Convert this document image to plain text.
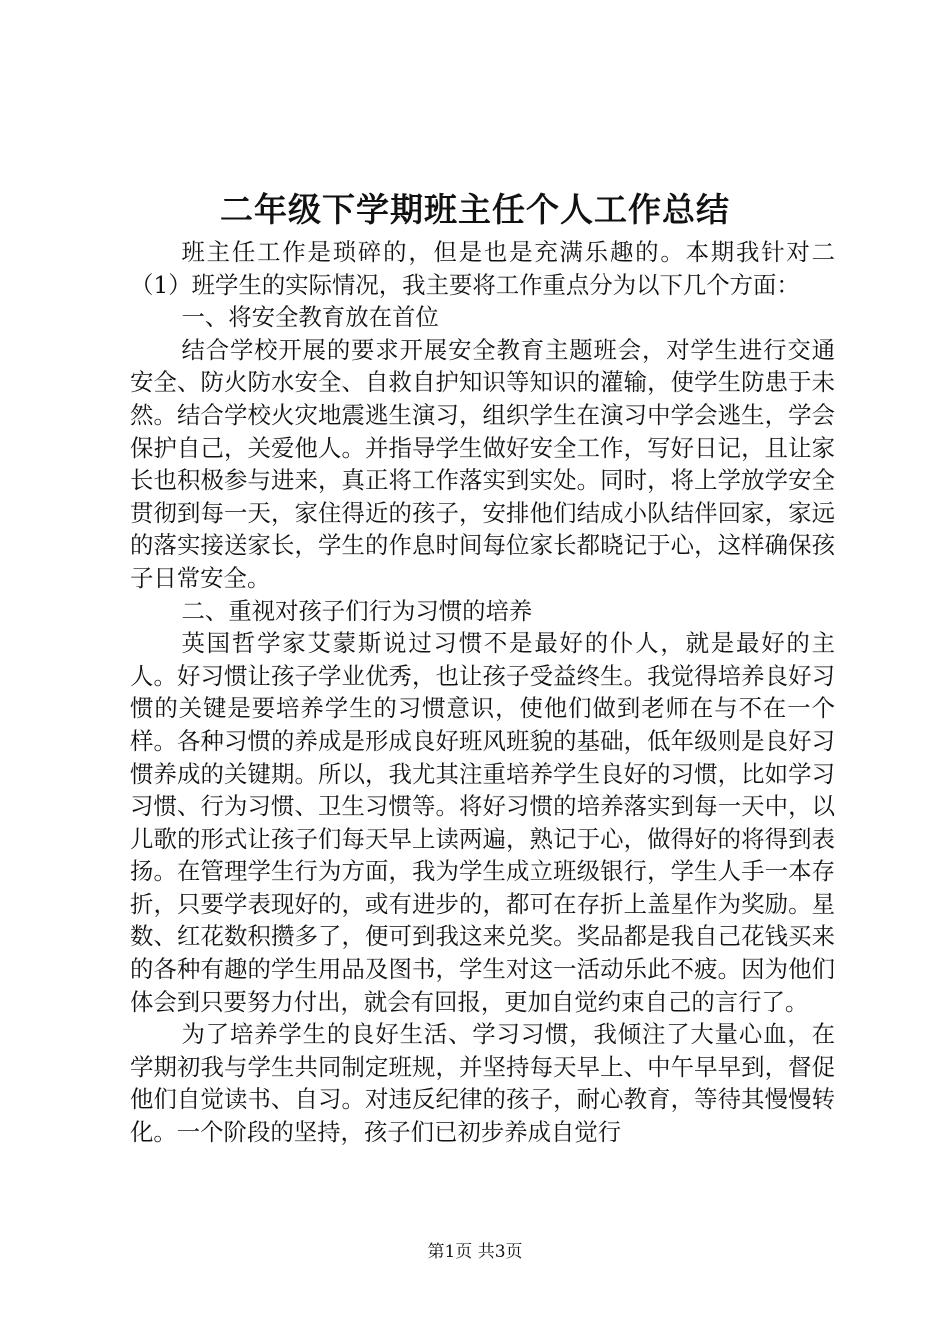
二年级下学期班主任个人工作总结

班主任工作是琐碎的，但是也是充满乐趣的。本期我针对二（1）班学生的实际情况，我主要将工作重点分为以下几个方面：

一、将安全教育放在首位

结合学校开展的要求开展安全教育主题班会，对学生进行交通安全、防火防水安全、自救自护知识等知识的灌输，使学生防患于未然。结合学校火灾地震逃生演习，组织学生在演习中学会逃生，学会保护自己，关爱他人。并指导学生做好安全工作，写好日记，且让家长也积极参与进来，真正将工作落实到实处。同时，将上学放学安全贯彻到每一天，家住得近的孩子，安排他们结成小队结伴回家，家远的落实接送家长，学生的作息时间每位家长都晓记于心，这样确保孩子日常安全。

二、重视对孩子们行为习惯的培养

英国哲学家艾蒙斯说过习惯不是最好的仆人，就是最好的主人。好习惯让孩子学业优秀，也让孩子受益终生。我觉得培养良好习惯的关键是要培养学生的习惯意识，使他们做到老师在与不在一个样。各种习惯的养成是形成良好班风班貌的基础，低年级则是良好习惯养成的关键期。所以，我尤其注重培养学生良好的习惯，比如学习习惯、行为习惯、卫生习惯等。将好习惯的培养落实到每一天中，以儿歌的形式让孩子们每天早上读两遍，熟记于心，做得好的将得到表扬。在管理学生行为方面，我为学生成立班级银行，学生人手一本存折，只要学表现好的，或有进步的，都可在存折上盖星作为奖励。星数、红花数积攒多了，便可到我这来兑奖。奖品都是我自己花钱买来的各种有趣的学生用品及图书，学生对这一活动乐此不疲。因为他们体会到只要努力付出，就会有回报，更加自觉约束自己的言行了。

为了培养学生的良好生活、学习习惯，我倾注了大量心血，在学期初我与学生共同制定班规，并坚持每天早上、中午早早到，督促他们自觉读书、自习。对违反纪律的孩子，耐心教育，等待其慢慢转化。一个阶段的坚持，孩子们已初步养成自觉行

第1页 共3页
